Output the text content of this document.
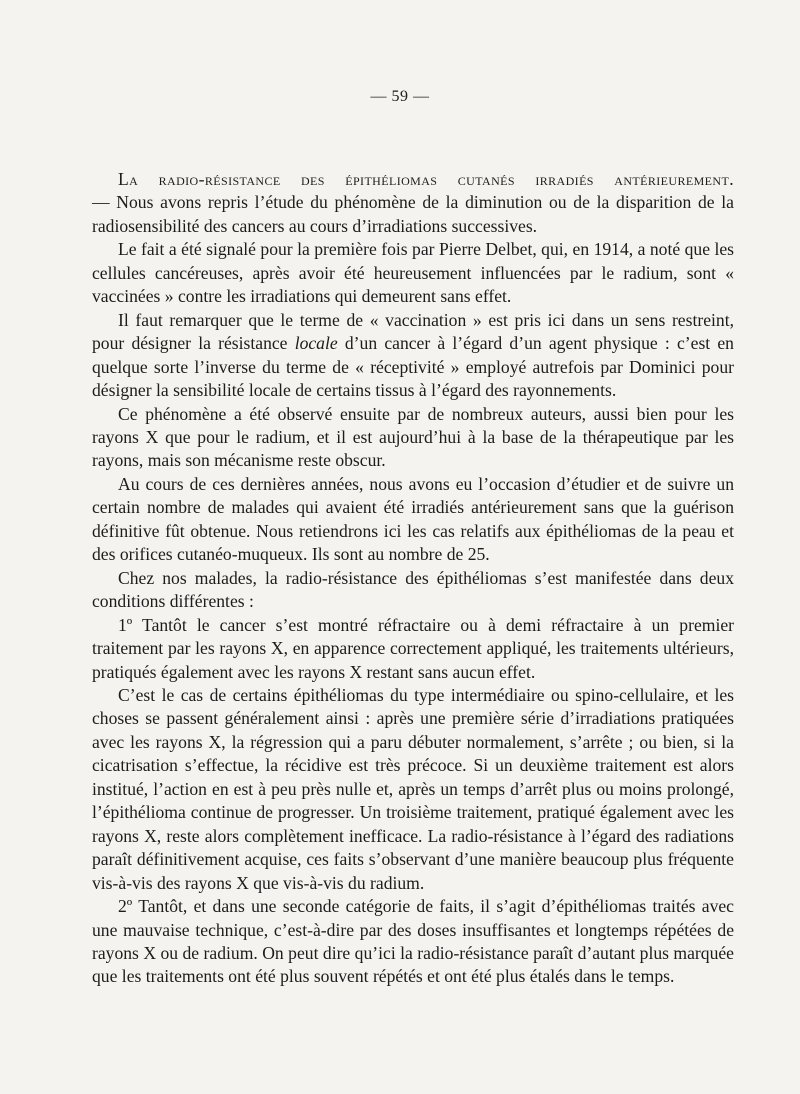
— 59 —

La radio-résistance des épithéliomas cutanés irradiés antérieurement.
— Nous avons repris l’étude du phénomène de la diminution ou de la disparition de la radiosensibilité des cancers au cours d’irradiations successives.

Le fait a été signalé pour la première fois par Pierre Delbet, qui, en 1914, a noté que les cellules cancéreuses, après avoir été heureusement influencées par le radium, sont « vaccinées » contre les irradiations qui demeurent sans effet.

Il faut remarquer que le terme de « vaccination » est pris ici dans un sens restreint, pour désigner la résistance locale d’un cancer à l’égard d’un agent physique : c’est en quelque sorte l’inverse du terme de « réceptivité » employé autrefois par Dominici pour désigner la sensibilité locale de certains tissus à l’égard des rayonnements.

Ce phénomène a été observé ensuite par de nombreux auteurs, aussi bien pour les rayons X que pour le radium, et il est aujourd’hui à la base de la thérapeutique par les rayons, mais son mécanisme reste obscur.

Au cours de ces dernières années, nous avons eu l’occasion d’étudier et de suivre un certain nombre de malades qui avaient été irradiés antérieurement sans que la guérison définitive fût obtenue. Nous retiendrons ici les cas relatifs aux épithéliomas de la peau et des orifices cutanéo-muqueux. Ils sont au nombre de 25.

Chez nos malades, la radio-résistance des épithéliomas s’est manifestée dans deux conditions différentes :

1º Tantôt le cancer s’est montré réfractaire ou à demi réfractaire à un premier traitement par les rayons X, en apparence correctement appliqué, les traitements ultérieurs, pratiqués également avec les rayons X restant sans aucun effet.

C’est le cas de certains épithéliomas du type intermédiaire ou spino-cellulaire, et les choses se passent généralement ainsi : après une première série d’irradiations pratiquées avec les rayons X, la régression qui a paru débuter normalement, s’arrête ; ou bien, si la cicatrisation s’effectue, la récidive est très précoce. Si un deuxième traitement est alors institué, l’action en est à peu près nulle et, après un temps d’arrêt plus ou moins prolongé, l’épithélioma continue de progresser. Un troisième traitement, pratiqué également avec les rayons X, reste alors complètement inefficace. La radio-résistance à l’égard des radiations paraît définitivement acquise, ces faits s’observant d’une manière beaucoup plus fréquente vis-à-vis des rayons X que vis-à-vis du radium.

2º Tantôt, et dans une seconde catégorie de faits, il s’agit d’épithéliomas traités avec une mauvaise technique, c’est-à-dire par des doses insuffisantes et longtemps répétées de rayons X ou de radium. On peut dire qu’ici la radio-résistance paraît d’autant plus marquée que les traitements ont été plus souvent répétés et ont été plus étalés dans le temps.
